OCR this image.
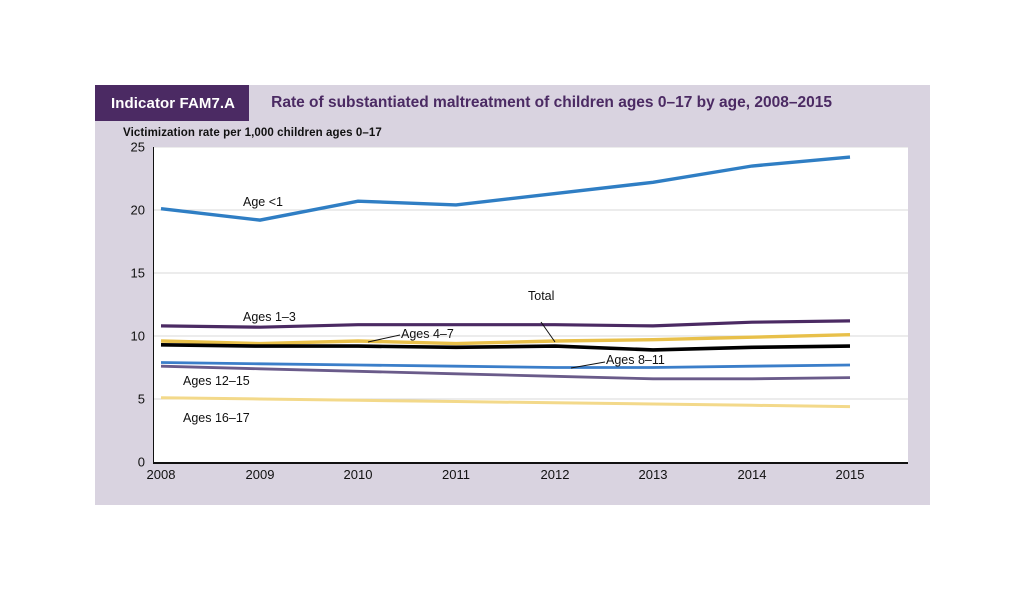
Indicator FAM7.A	Rate of substantiated maltreatment of children ages 0–17 by age, 2008–2015
Victimization rate per 1,000 children ages 0–17
0
5
10
15
20
25
2008	2009	2010	2011	2012	2013	2014	2015
Age <1
Ages 1–3
Ages 4–7
Total
Ages 8–11
Ages 12–15
Ages 16–17
